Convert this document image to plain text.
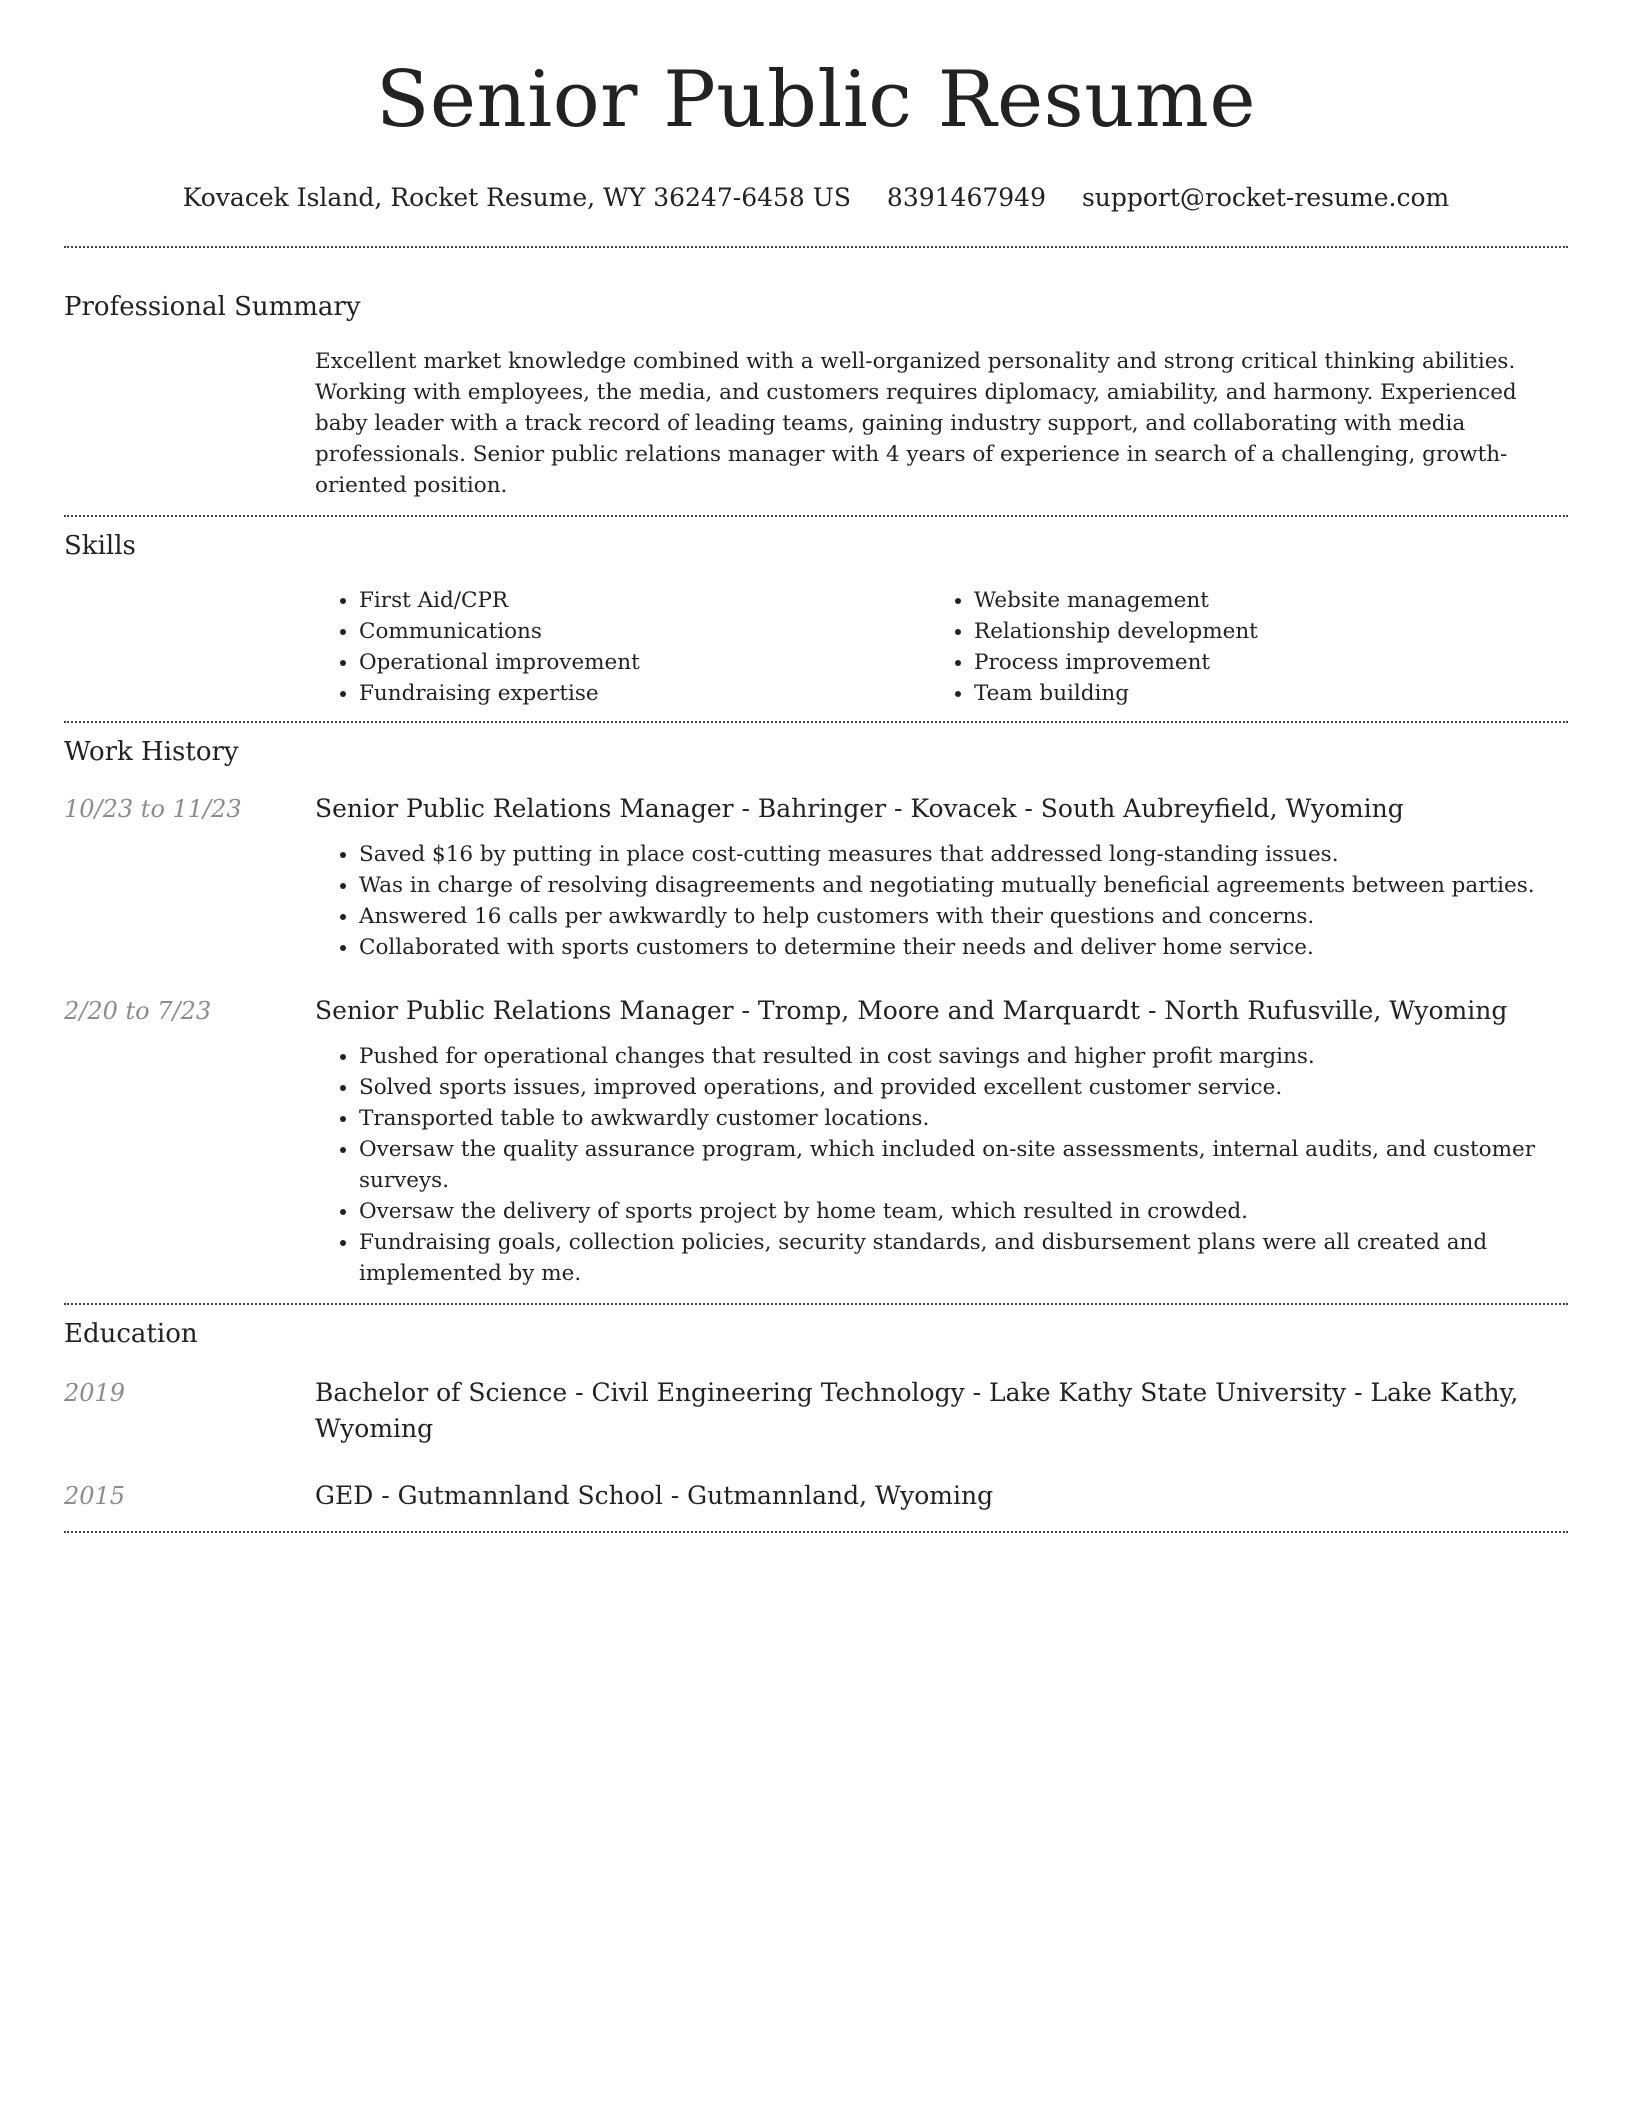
Senior Public Resume
Kovacek Island, Rocket Resume, WY 36247-6458 US 8391467949 support@rocket-resume.com
Professional Summary

Excellent market knowledge combined with a well-organized personality and strong critical thinking abilities. Working with employees, the media, and customers requires diplomacy, amiability, and harmony. Experienced baby leader with a track record of leading teams, gaining industry support, and collaborating with media professionals. Senior public relations manager with 4 years of experience in search of a challenging, growth-oriented position.

Skills
• First Aid/CPR
• Communications
• Operational improvement
• Fundraising expertise
• Website management
• Relationship development
• Process improvement
• Team building
Work History
10/23 to 11/23	Senior Public Relations Manager - Bahringer - Kovacek - South Aubreyfield, Wyoming
• Saved $16 by putting in place cost-cutting measures that addressed long-standing issues.
• Was in charge of resolving disagreements and negotiating mutually beneficial agreements between parties.
• Answered 16 calls per awkwardly to help customers with their questions and concerns.
• Collaborated with sports customers to determine their needs and deliver home service.
2/20 to 7/23	Senior Public Relations Manager - Tromp, Moore and Marquardt - North Rufusville, Wyoming
• Pushed for operational changes that resulted in cost savings and higher profit margins.
• Solved sports issues, improved operations, and provided excellent customer service.
• Transported table to awkwardly customer locations.
• Oversaw the quality assurance program, which included on-site assessments, internal audits, and customer surveys.
• Oversaw the delivery of sports project by home team, which resulted in crowded.
• Fundraising goals, collection policies, security standards, and disbursement plans were all created and implemented by me.
Education
2019	Bachelor of Science - Civil Engineering Technology - Lake Kathy State University - Lake Kathy, Wyoming
2015	GED - Gutmannland School - Gutmannland, Wyoming
